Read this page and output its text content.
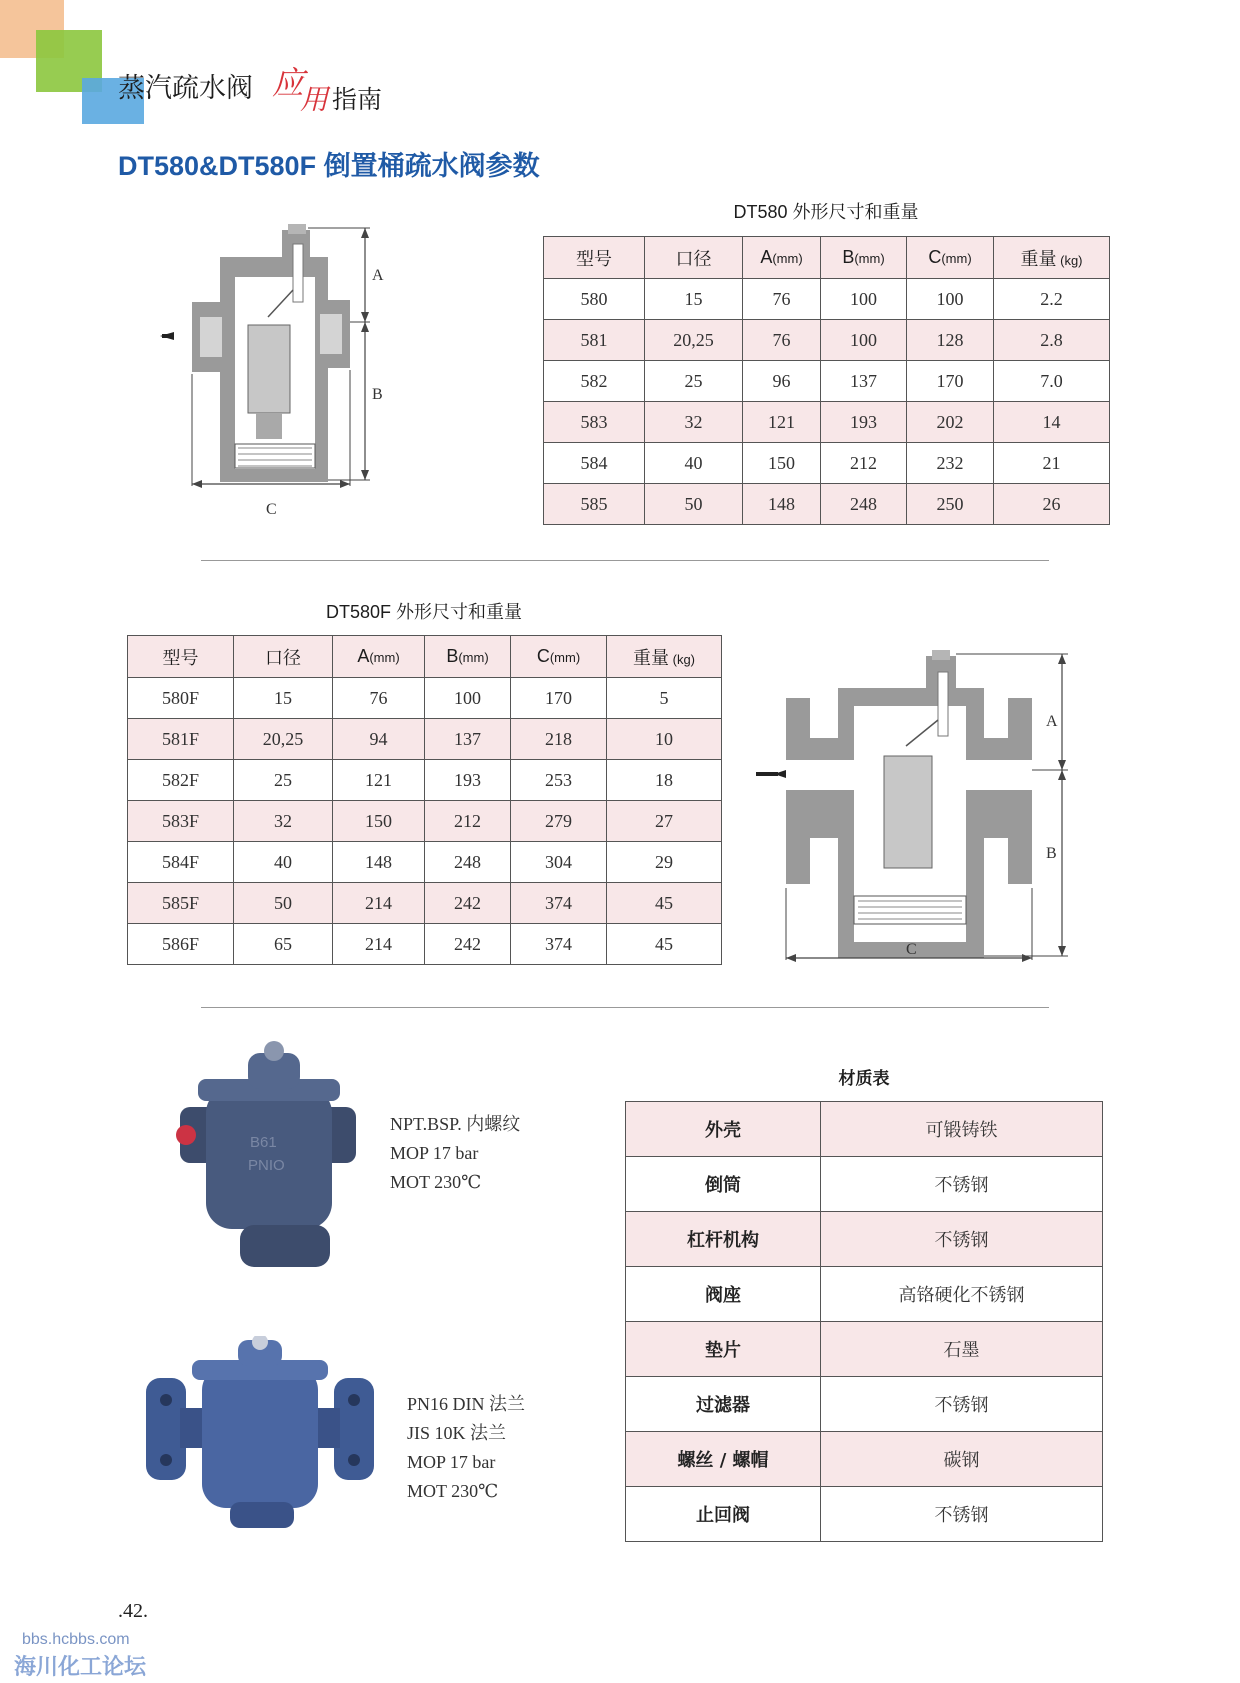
蒸汽疏水阀 应
用 指南
DT580&DT580F 倒置桶疏水阀参数
A
B
C
DT580 外形尺寸和重量
型号	口径	A(mm)	B(mm)	C(mm)	重量 (kg)
580	15	76	100	100	2.2
581	20,25	76	100	128	2.8
582	25	96	137	170	7.0
583	32	121	193	202	14
584	40	150	212	232	21
585	50	148	248	250	26
DT580F 外形尺寸和重量
型号	口径	A(mm)	B(mm)	C(mm)	重量 (kg)
580F	15	76	100	170	5
581F	20,25	94	137	218	10
582F	25	121	193	253	18
583F	32	150	212	279	27
584F	40	148	248	304	29
585F	50	214	242	374	45
586F	65	214	242	374	45
A
B
C
B61
PNIO
NPT.BSP. 内螺纹
MOP 17 bar
MOT 230℃
PN16 DIN 法兰
JIS 10K 法兰
MOP 17 bar
MOT 230℃
材质表
外壳	可锻铸铁
倒筒	不锈钢
杠杆机构	不锈钢
阀座	高铬硬化不锈钢
垫片	石墨
过滤器	不锈钢
螺丝 / 螺帽	碳钢
止回阀	不锈钢
.42.
bbs.hcbbs.com
海川化工论坛
